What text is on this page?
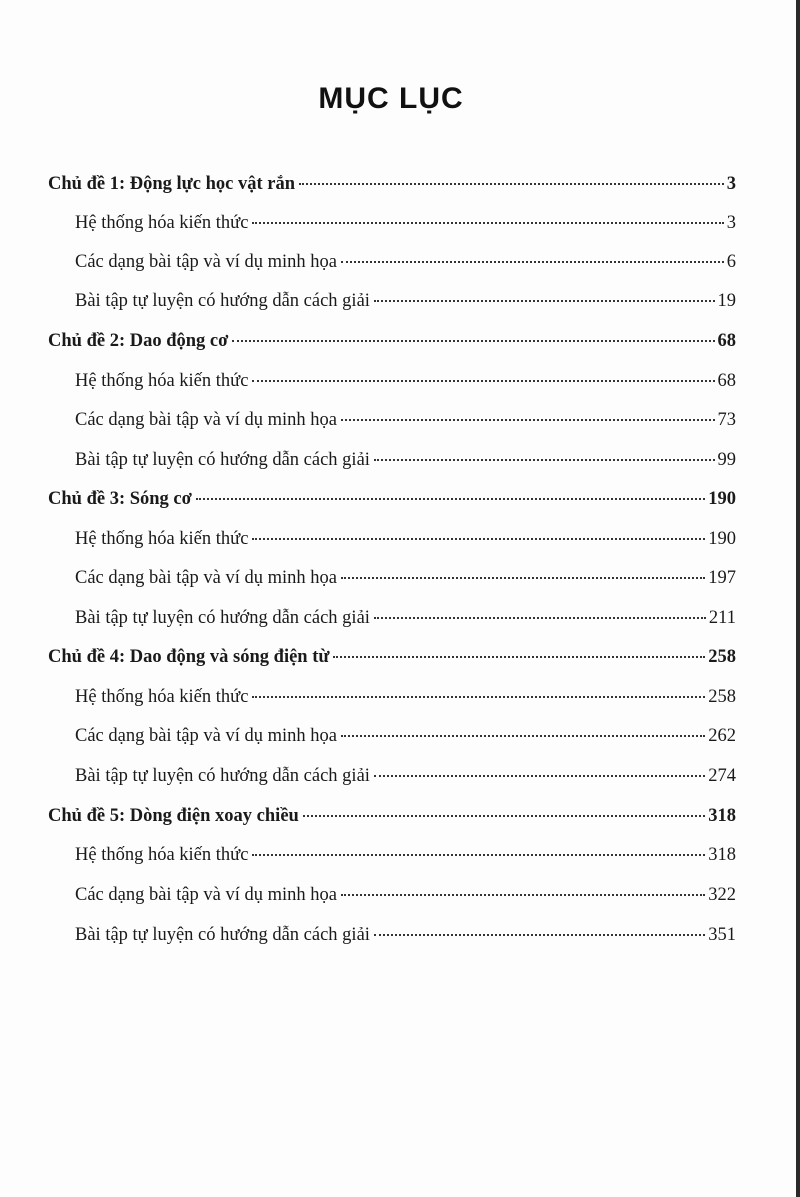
MỤC LỤC
Chủ đề 1: Động lực học vật rắn	3
Hệ thống hóa kiến thức	3
Các dạng bài tập và ví dụ minh họa	6
Bài tập tự luyện có hướng dẫn cách giải	19
Chủ đề 2: Dao động cơ	68
Hệ thống hóa kiến thức	68
Các dạng bài tập và ví dụ minh họa	73
Bài tập tự luyện có hướng dẫn cách giải	99
Chủ đề 3: Sóng cơ	190
Hệ thống hóa kiến thức	190
Các dạng bài tập và ví dụ minh họa	197
Bài tập tự luyện có hướng dẫn cách giải	211
Chủ đề 4: Dao động và sóng điện từ	258
Hệ thống hóa kiến thức	258
Các dạng bài tập và ví dụ minh họa	262
Bài tập tự luyện có hướng dẫn cách giải	274
Chủ đề 5: Dòng điện xoay chiều	318
Hệ thống hóa kiến thức	318
Các dạng bài tập và ví dụ minh họa	322
Bài tập tự luyện có hướng dẫn cách giải	351
